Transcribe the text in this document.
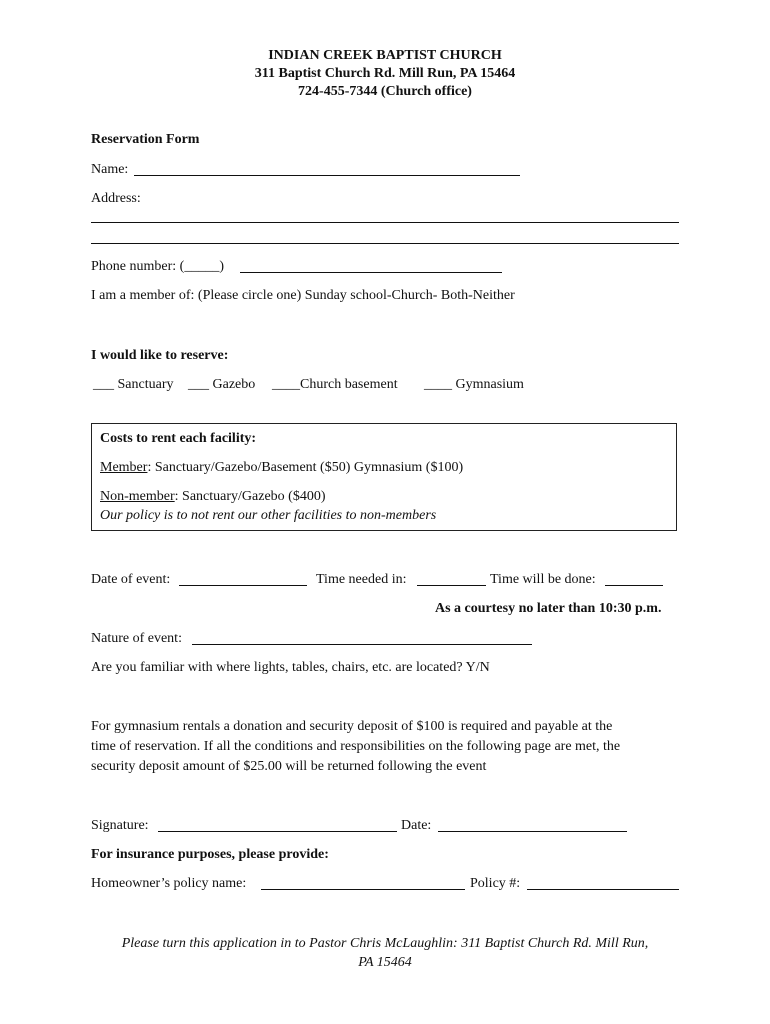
INDIAN CREEK BAPTIST CHURCH
311 Baptist Church Rd. Mill Run, PA 15464
724-455-7344 (Church office)
Reservation Form
Name:
Address:
Phone number: (_____)
I am a member of: (Please circle one) Sunday school-Church- Both-Neither
I would like to reserve:
___ Sanctuary ___ Gazebo ____Church basement ____ Gymnasium
Costs to rent each facility:
Member: Sanctuary/Gazebo/Basement ($50) Gymnasium ($100)
Non-member: Sanctuary/Gazebo ($400)
Our policy is to not rent our other facilities to non-members
Date of event:	Time needed in:	Time will be done:
As a courtesy no later than 10:30 p.m.
Nature of event:
Are you familiar with where lights, tables, chairs, etc. are located? Y/N
For gymnasium rentals a donation and security deposit of $100 is required and payable at the
time of reservation. If all the conditions and responsibilities on the following page are met, the
security deposit amount of $25.00 will be returned following the event
Signature:	Date:
For insurance purposes, please provide:
Homeowner’s policy name:	Policy #:
Please turn this application in to Pastor Chris McLaughlin: 311 Baptist Church Rd. Mill Run,
PA 15464
